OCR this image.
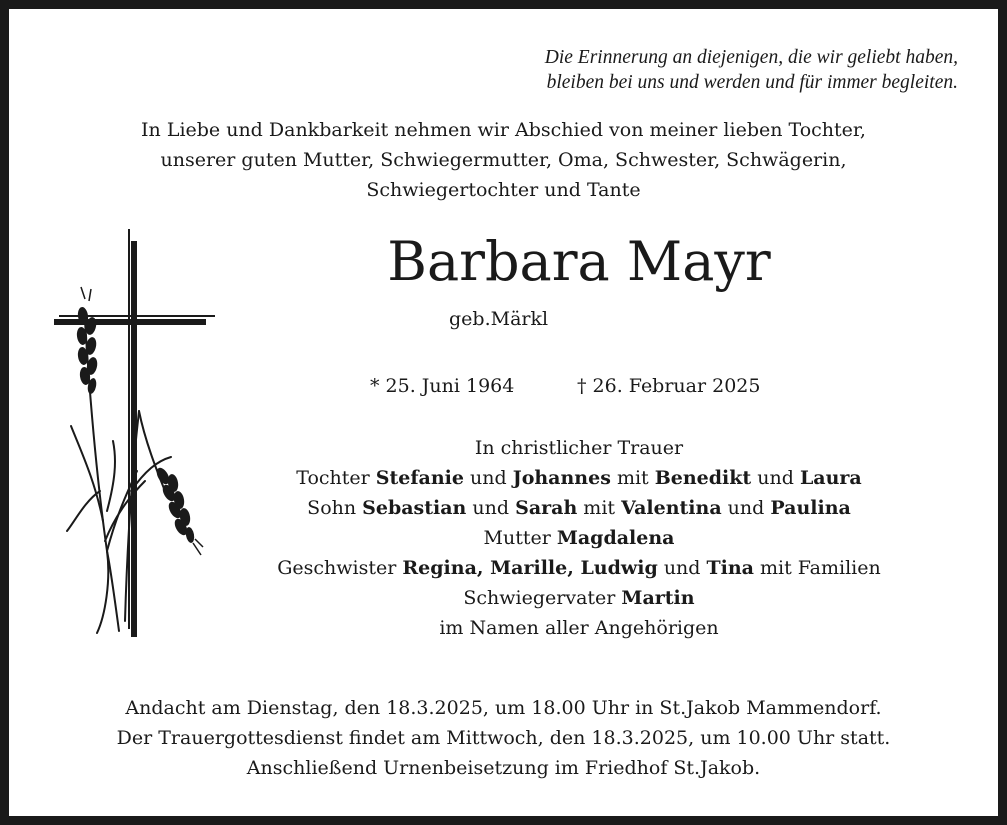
Die Erinnerung an diejenigen, die wir geliebt haben,
bleiben bei uns und werden und für immer begleiten.
In Liebe und Dankbarkeit nehmen wir Abschied von meiner lieben Tochter,
unserer guten Mutter, Schwiegermutter, Oma, Schwester, Schwägerin,
Schwiegertochter und Tante
Barbara Mayr
geb.Märkl
* 25. Juni 1964	† 26. Februar 2025
In christlicher Trauer
Tochter Stefanie und Johannes mit Benedikt und Laura
Sohn Sebastian und Sarah mit Valentina und Paulina
Mutter Magdalena
Geschwister Regina, Marille, Ludwig und Tina mit Familien
Schwiegervater Martin
im Namen aller Angehörigen
Andacht am Dienstag, den 18.3.2025, um 18.00 Uhr in St.Jakob Mammendorf.
Der Trauergottesdienst findet am Mittwoch, den 18.3.2025, um 10.00 Uhr statt.
Anschließend Urnenbeisetzung im Friedhof St.Jakob.
